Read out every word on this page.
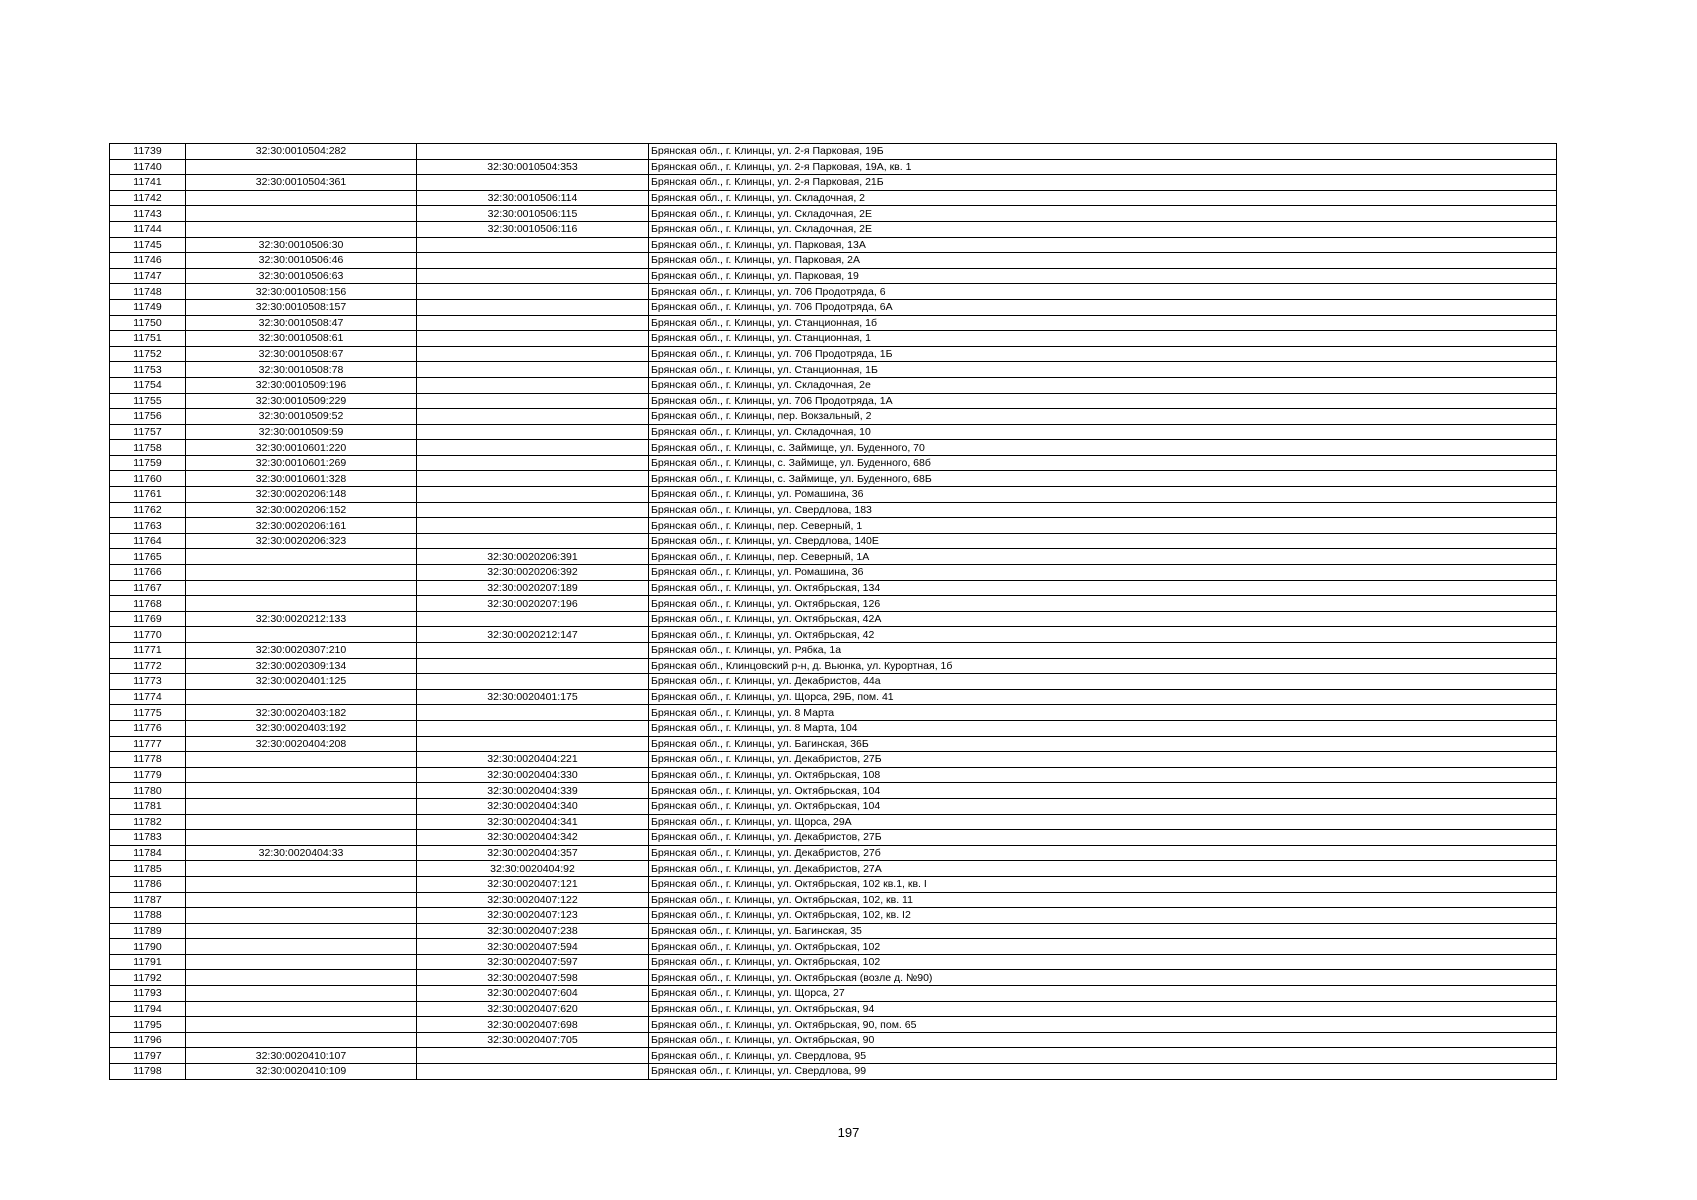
11739	32:30:0010504:282		Брянская обл., г. Клинцы, ул. 2-я Парковая, 19Б
11740		32:30:0010504:353	Брянская обл., г. Клинцы, ул. 2-я Парковая, 19А, кв. 1
11741	32:30:0010504:361		Брянская обл., г. Клинцы, ул. 2-я Парковая, 21Б
11742		32:30:0010506:114	Брянская обл., г. Клинцы, ул. Складочная, 2
11743		32:30:0010506:115	Брянская обл., г. Клинцы, ул. Складочная, 2Е
11744		32:30:0010506:116	Брянская обл., г. Клинцы, ул. Складочная, 2Е
11745	32:30:0010506:30		Брянская обл., г. Клинцы, ул. Парковая, 13А
11746	32:30:0010506:46		Брянская обл., г. Клинцы, ул. Парковая, 2А
11747	32:30:0010506:63		Брянская обл., г. Клинцы, ул. Парковая, 19
11748	32:30:0010508:156		Брянская обл., г. Клинцы, ул. 706 Продотряда, 6
11749	32:30:0010508:157		Брянская обл., г. Клинцы, ул. 706 Продотряда, 6А
11750	32:30:0010508:47		Брянская обл., г. Клинцы, ул. Станционная, 1б
11751	32:30:0010508:61		Брянская обл., г. Клинцы, ул. Станционная, 1
11752	32:30:0010508:67		Брянская обл., г. Клинцы, ул. 706 Продотряда, 1Б
11753	32:30:0010508:78		Брянская обл., г. Клинцы, ул. Станционная, 1Б
11754	32:30:0010509:196		Брянская обл., г. Клинцы, ул. Складочная, 2е
11755	32:30:0010509:229		Брянская обл., г. Клинцы, ул. 706 Продотряда, 1А
11756	32:30:0010509:52		Брянская обл., г. Клинцы, пер. Вокзальный, 2
11757	32:30:0010509:59		Брянская обл., г. Клинцы, ул. Складочная, 10
11758	32:30:0010601:220		Брянская обл., г. Клинцы, с. Займище, ул. Буденного, 70
11759	32:30:0010601:269		Брянская обл., г. Клинцы, с. Займище, ул. Буденного, 68б
11760	32:30:0010601:328		Брянская обл., г. Клинцы, с. Займище, ул. Буденного, 68Б
11761	32:30:0020206:148		Брянская обл., г. Клинцы, ул. Ромашина, 36
11762	32:30:0020206:152		Брянская обл., г. Клинцы, ул. Свердлова, 183
11763	32:30:0020206:161		Брянская обл., г. Клинцы, пер. Северный, 1
11764	32:30:0020206:323		Брянская обл., г. Клинцы, ул. Свердлова, 140Е
11765		32:30:0020206:391	Брянская обл., г. Клинцы, пер. Северный, 1А
11766		32:30:0020206:392	Брянская обл., г. Клинцы, ул. Ромашина, 36
11767		32:30:0020207:189	Брянская обл., г. Клинцы, ул. Октябрьская, 134
11768		32:30:0020207:196	Брянская обл., г. Клинцы, ул. Октябрьская, 126
11769	32:30:0020212:133		Брянская обл., г. Клинцы, ул. Октябрьская, 42А
11770		32:30:0020212:147	Брянская обл., г. Клинцы, ул. Октябрьская, 42
11771	32:30:0020307:210		Брянская обл., г. Клинцы, ул. Рябка, 1а
11772	32:30:0020309:134		Брянская обл., Клинцовский р-н, д. Вьюнка, ул. Курортная, 1б
11773	32:30:0020401:125		Брянская обл., г. Клинцы, ул. Декабристов, 44а
11774		32:30:0020401:175	Брянская обл., г. Клинцы, ул. Щорса, 29Б, пом. 41
11775	32:30:0020403:182		Брянская обл., г. Клинцы, ул. 8 Марта
11776	32:30:0020403:192		Брянская обл., г. Клинцы, ул. 8 Марта, 104
11777	32:30:0020404:208		Брянская обл., г. Клинцы, ул. Багинская, 36Б
11778		32:30:0020404:221	Брянская обл., г. Клинцы, ул. Декабристов, 27Б
11779		32:30:0020404:330	Брянская обл., г. Клинцы, ул. Октябрьская, 108
11780		32:30:0020404:339	Брянская обл., г. Клинцы, ул. Октябрьская, 104
11781		32:30:0020404:340	Брянская обл., г. Клинцы, ул. Октябрьская, 104
11782		32:30:0020404:341	Брянская обл., г. Клинцы, ул. Щорса, 29А
11783		32:30:0020404:342	Брянская обл., г. Клинцы, ул. Декабристов, 27Б
11784	32:30:0020404:33	32:30:0020404:357	Брянская обл., г. Клинцы, ул. Декабристов, 27б
11785		32:30:0020404:92	Брянская обл., г. Клинцы, ул. Декабристов, 27А
11786		32:30:0020407:121	Брянская обл., г. Клинцы, ул. Октябрьская, 102 кв.1, кв. I
11787		32:30:0020407:122	Брянская обл., г. Клинцы, ул. Октябрьская, 102, кв. 11
11788		32:30:0020407:123	Брянская обл., г. Клинцы, ул. Октябрьская, 102, кв. I2
11789		32:30:0020407:238	Брянская обл., г. Клинцы, ул. Багинская, 35
11790		32:30:0020407:594	Брянская обл., г. Клинцы, ул. Октябрьская, 102
11791		32:30:0020407:597	Брянская обл., г. Клинцы, ул. Октябрьская, 102
11792		32:30:0020407:598	Брянская обл., г. Клинцы, ул. Октябрьская (возле д. №90)
11793		32:30:0020407:604	Брянская обл., г. Клинцы, ул. Щорса, 27
11794		32:30:0020407:620	Брянская обл., г. Клинцы, ул. Октябрьская, 94
11795		32:30:0020407:698	Брянская обл., г. Клинцы, ул. Октябрьская, 90, пом. 65
11796		32:30:0020407:705	Брянская обл., г. Клинцы, ул. Октябрьская, 90
11797	32:30:0020410:107		Брянская обл., г. Клинцы, ул. Свердлова, 95
11798	32:30:0020410:109		Брянская обл., г. Клинцы, ул. Свердлова, 99
197
